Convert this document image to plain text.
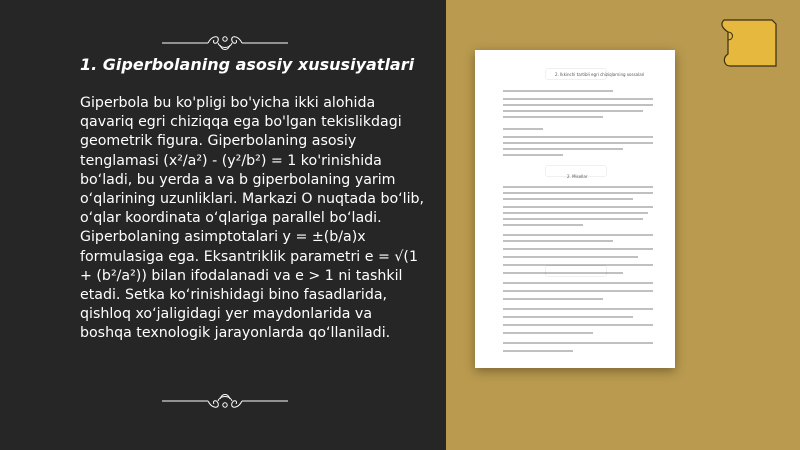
1. Giperbolaning asosiy xususiyatlari

Giperbola bu ko'pligi bo'yicha ikki alohida qavariq egri chiziqqa ega bo'lgan tekislikdagi geometrik figura. Giperbolaning asosiy tenglamasi (x²/a²) - (y²/b²) = 1 ko'rinishida bo‘ladi, bu yerda a va b giperbolaning yarim o‘qlarining uzunliklari. Markazi O nuqtada bo‘lib, o‘qlar koordinata o‘qlariga parallel bo‘ladi. Giperbolaning asimptotalari y = ±(b/a)x formulasiga ega. Eksantriklik parametri e = √(1 + (b²/a²)) bilan ifodalanadi va e > 1 ni tashkil etadi. Setka ko‘rinishidagi bino fasadlarida, qishloq xo‘jaligidagi yer maydonlarida va boshqa texnologik jarayonlarda qo‘llaniladi.

2. Ikkinchi tartibli egri chiziqlarning xossalari
2. Misollar
